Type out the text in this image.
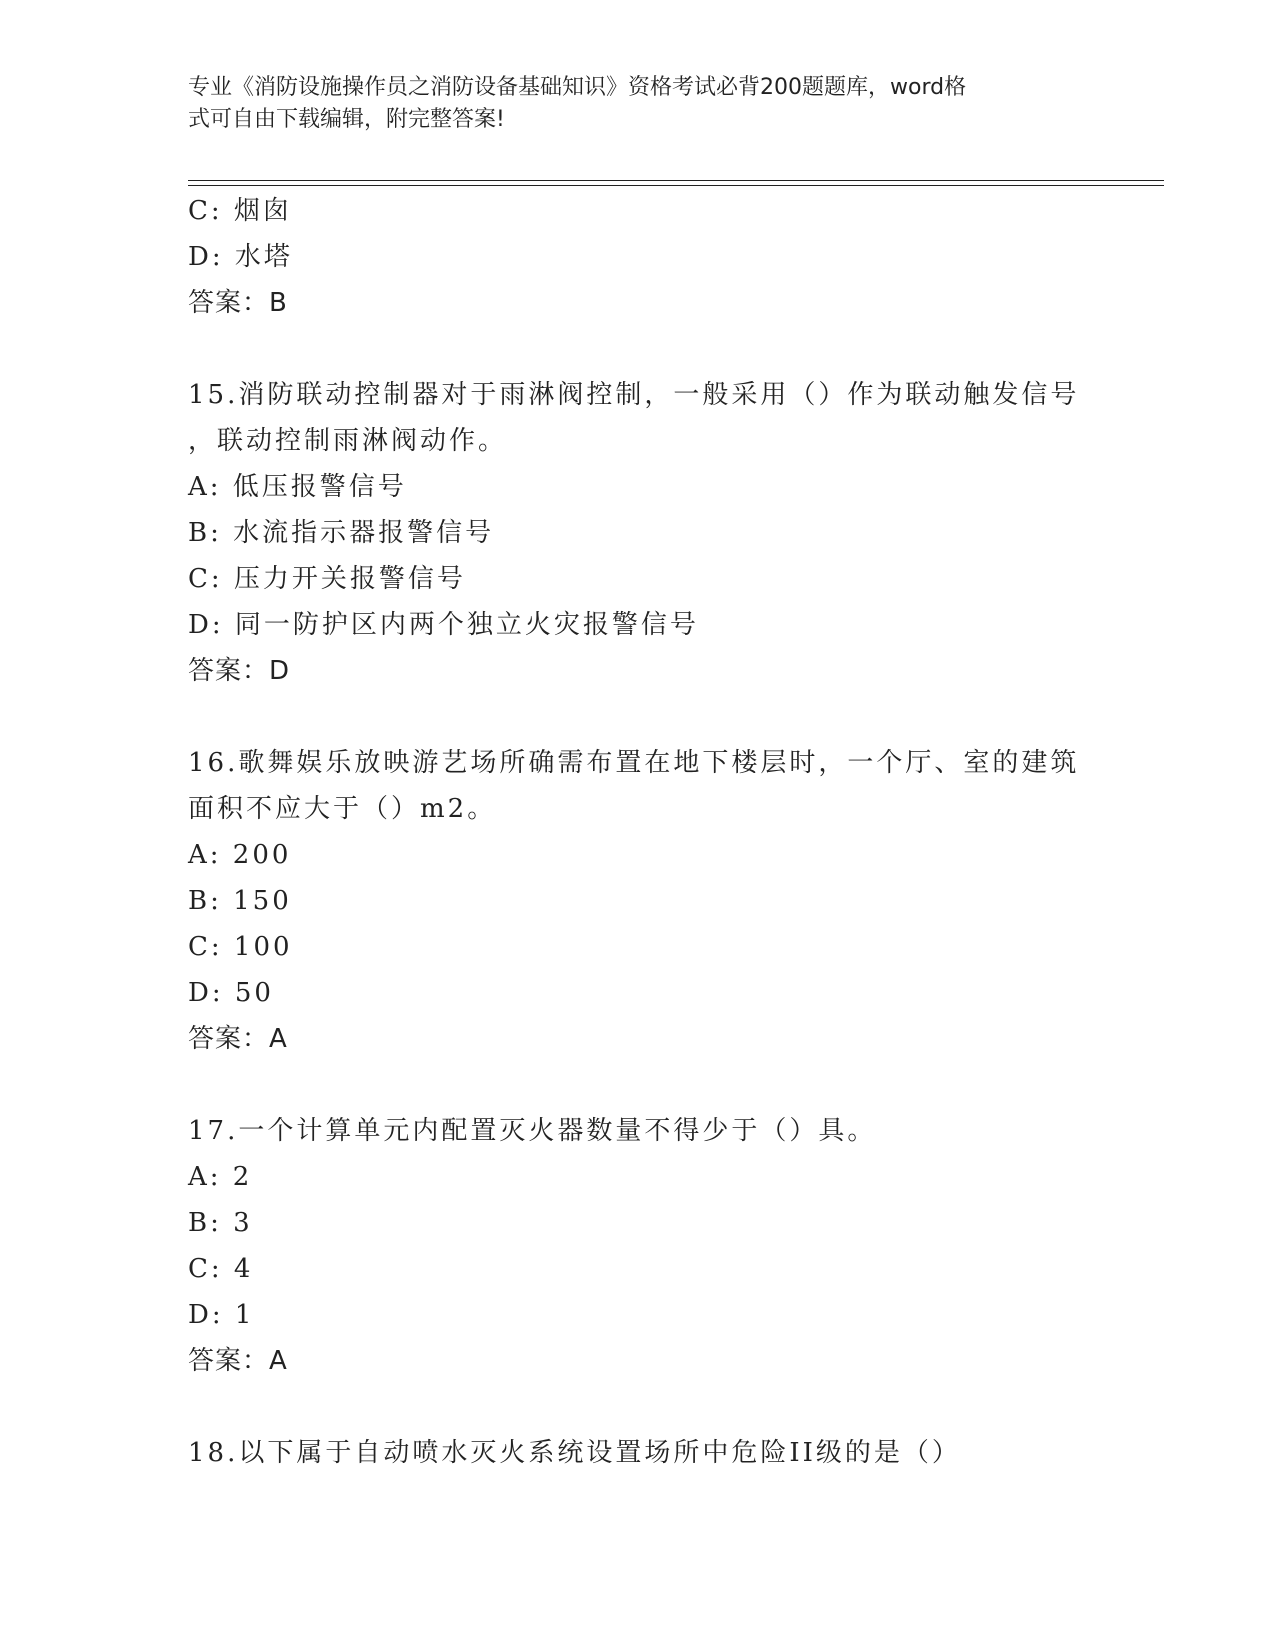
专业《消防设施操作员之消防设备基础知识》资格考试必背200题题库，word格
式可自由下载编辑，附完整答案!
C: 烟囱
D: 水塔
答案：B
15.消防联动控制器对于雨淋阀控制，一般采用（）作为联动触发信号
，联动控制雨淋阀动作。
A: 低压报警信号
B: 水流指示器报警信号
C: 压力开关报警信号
D: 同一防护区内两个独立火灾报警信号
答案：D
16.歌舞娱乐放映游艺场所确需布置在地下楼层时，一个厅、室的建筑
面积不应大于（）m2。
A: 200
B: 150
C: 100
D: 50
答案：A
17.一个计算单元内配置灭火器数量不得少于（）具。
A: 2
B: 3
C: 4
D: 1
答案：A
18.以下属于自动喷水灭火系统设置场所中危险II级的是（）
